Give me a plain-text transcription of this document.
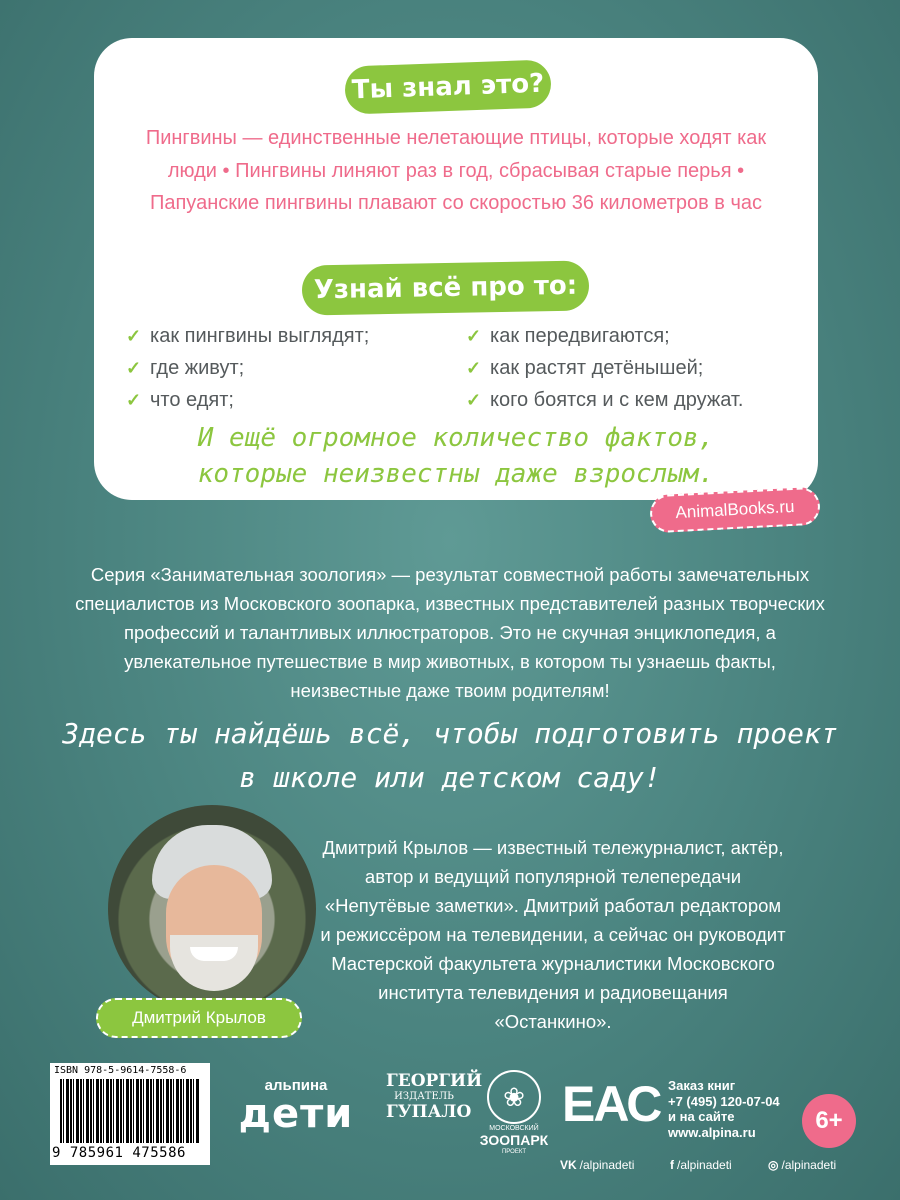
Ты знал это?
Пингвины — единственные нелетающие птицы, которые ходят как люди • Пингвины линяют раз в год, сбрасывая старые перья • Папуанские пингвины плавают со скоростью 36 километров в час
Узнай всё про то:
✓ как пингвины выглядят;
✓ где живут;
✓ что едят;
✓ как передвигаются;
✓ как растят детёнышей;
✓ кого боятся и с кем дружат.
И ещё огромное количество фактов,
которые неизвестны даже взрослым.
AnimalBooks.ru
Серия «Занимательная зоология» — результат совместной работы замечательных специалистов из Московского зоопарка, известных представителей разных творческих профессий и талантливых иллюстраторов. Это не скучная энциклопедия, а увлекательное путешествие в мир животных, в котором ты узнаешь факты, неизвестные даже твоим родителям!
Здесь ты найдёшь всё, чтобы подготовить проект
в школе или детском саду!
Дмитрий Крылов
Дмитрий Крылов — известный тележурналист, актёр, автор и ведущий популярной телепередачи «Непутёвые заметки». Дмитрий работал редактором и режиссёром на телевидении, а сейчас он руководит Мастерской факультета журналистики Московского института телевидения и радиовещания «Останкино».
ISBN 978-5-9614-7558-6
9 785961 475586
альпина
дети
ГЕОРГИЙ
ИЗДАТЕЛЬ
ГУПАЛО	❀
МОСКОВСКИЙ
ЗООПАРК
ПРОЕКТ
ЕАС Заказ книг
+7 (495) 120-07-04
и на сайте
www.alpina.ru	6+
VK /alpinadeti	f /alpinadeti	◎ /alpinadeti
